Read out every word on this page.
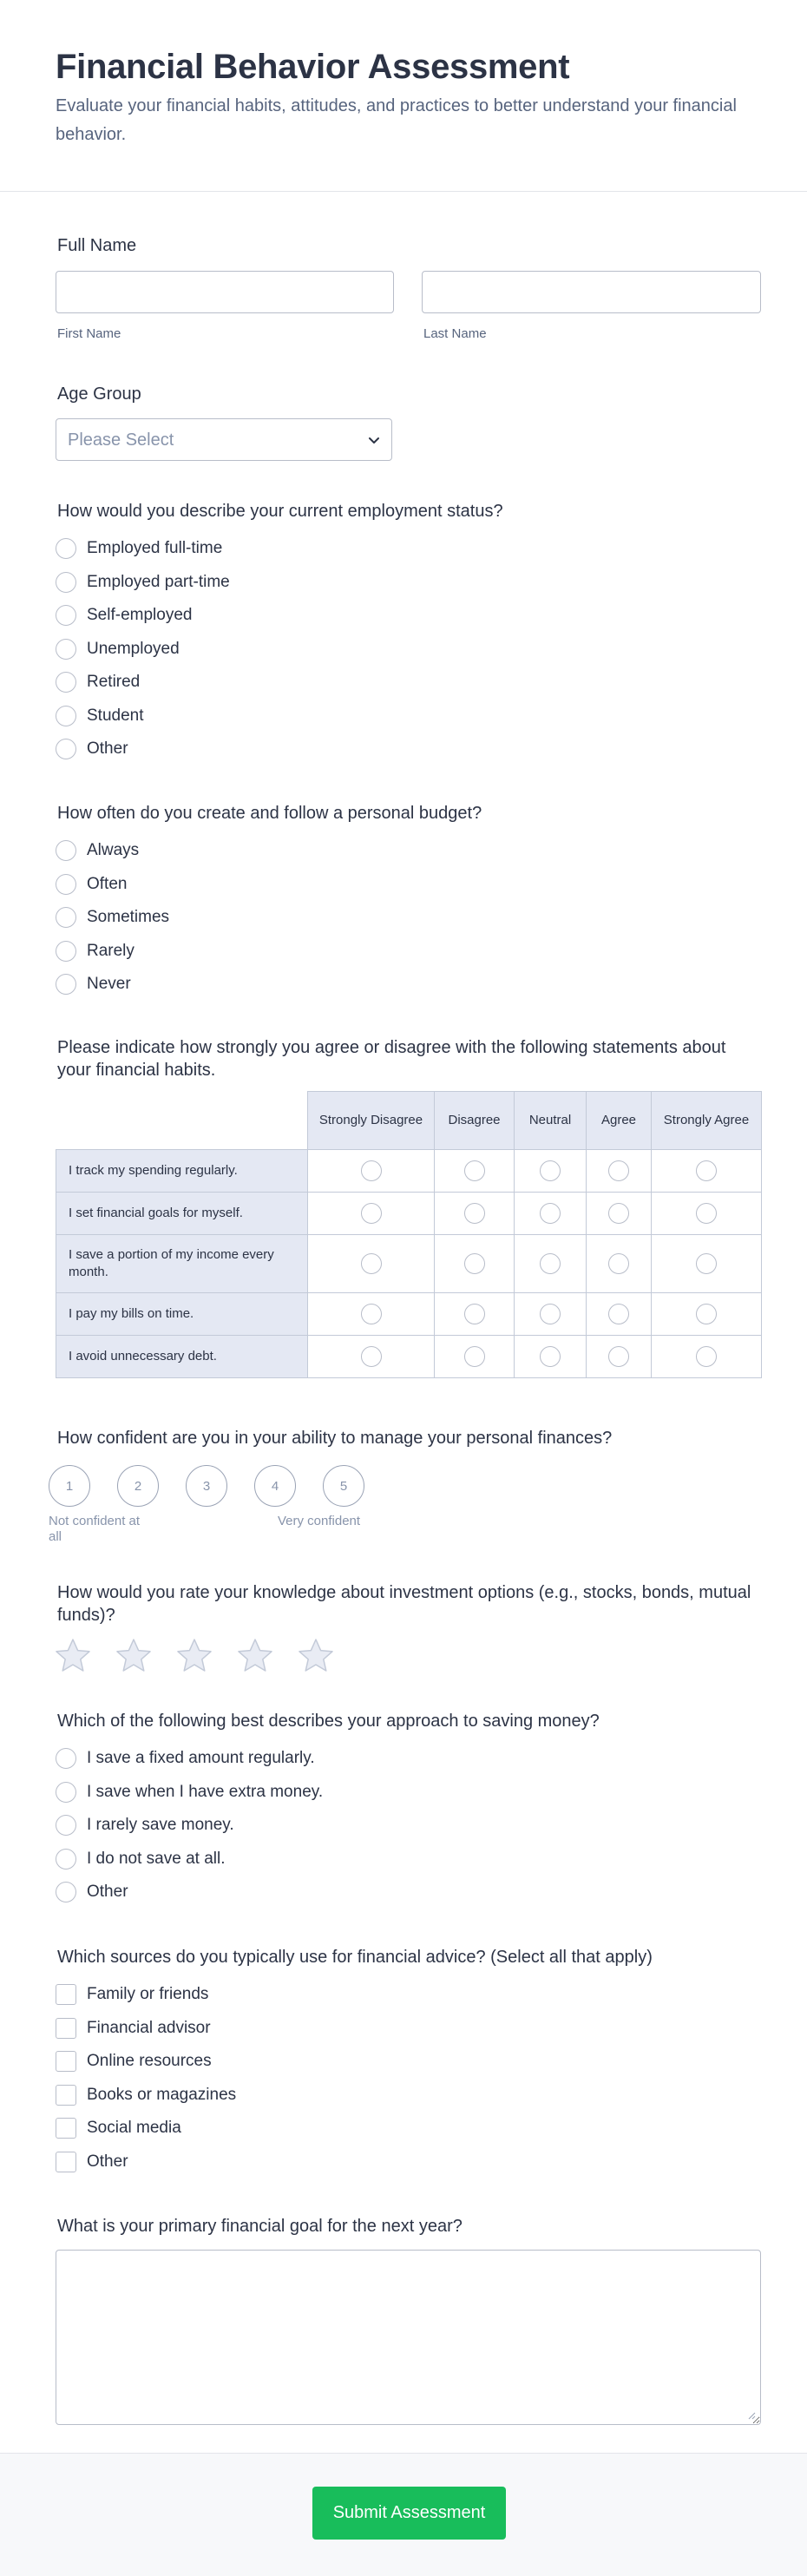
Financial Behavior Assessment

Evaluate your financial habits, attitudes, and practices to better understand your financial behavior.

Full Name
First Name	Last Name
Age Group
Please Select
How would you describe your current employment status?
Employed full-time
Employed part-time
Self-employed
Unemployed
Retired
Student
Other
How often do you create and follow a personal budget?
Always
Often
Sometimes
Rarely
Never
Please indicate how strongly you agree or disagree with the following statements about your financial habits.
	Strongly Disagree	Disagree	Neutral	Agree	Strongly Agree
I track my spending regularly.					
I set financial goals for myself.					
I save a portion of my income every month.					
I pay my bills on time.					
I avoid unnecessary debt.					
How confident are you in your ability to manage your personal finances?
Not confident at all
Very confident
1	2	3	4	5
How would you rate your knowledge about investment options (e.g., stocks, bonds, mutual funds)?
Which of the following best describes your approach to saving money?
I save a fixed amount regularly.
I save when I have extra money.
I rarely save money.
I do not save at all.
Other
Which sources do you typically use for financial advice? (Select all that apply)
Family or friends
Financial advisor
Online resources
Books or magazines
Social media
Other
What is your primary financial goal for the next year?
Submit Assessment
